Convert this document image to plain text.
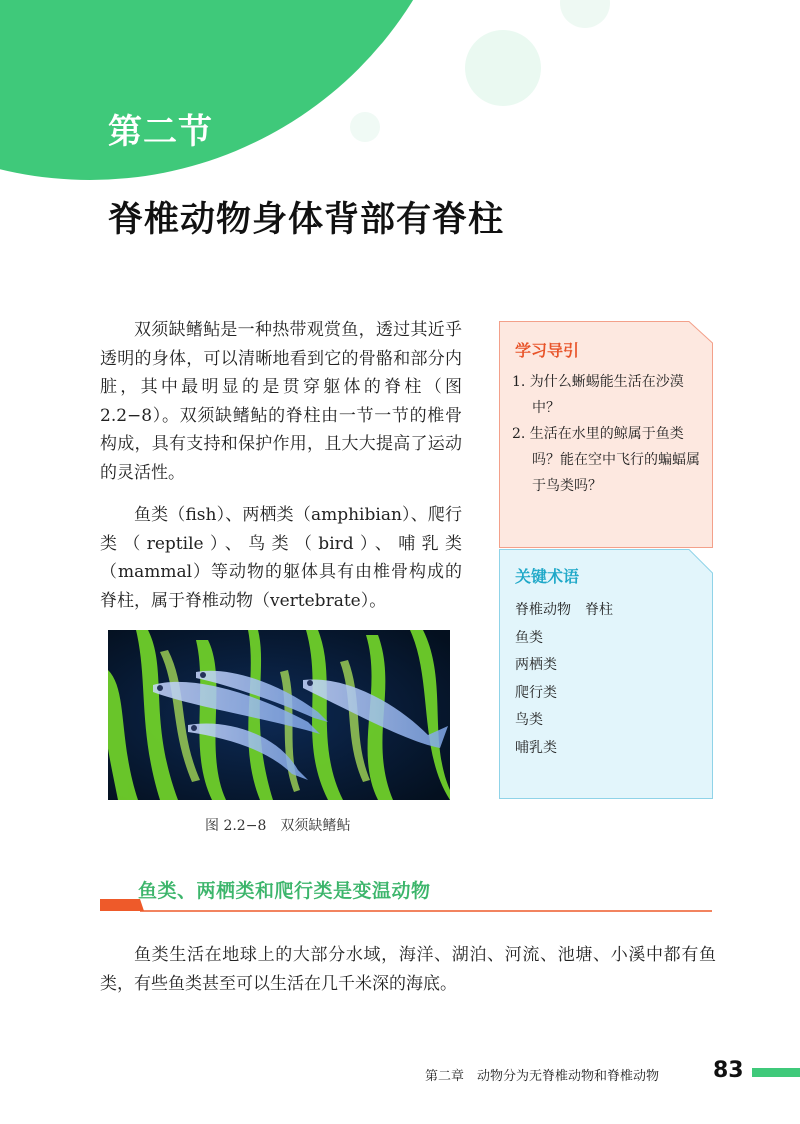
第二节
脊椎动物身体背部有脊柱

双须缺鳍鲇是一种热带观赏鱼，透过其近乎透明的身体，可以清晰地看到它的骨骼和部分内脏，其中最明显的是贯穿躯体的脊柱（图 2.2−8）。双须缺鳍鲇的脊柱由一节一节的椎骨构成，具有支持和保护作用，且大大提高了运动的灵活性。

鱼类（fish）、两栖类（amphibian）、爬行类（reptile）、鸟类（bird）、哺乳类（mammal）等动物的躯体具有由椎骨构成的脊柱，属于脊椎动物（vertebrate）。

图 2.2−8　双须缺鳍鲇
学习导引
1. 为什么蜥蜴能生活在沙漠中？
2. 生活在水里的鲸属于鱼类吗？能在空中飞行的蝙蝠属于鸟类吗？
关键术语
脊椎动物　脊柱
鱼类
两栖类
爬行类
鸟类
哺乳类
鱼类、两栖类和爬行类是变温动物

鱼类生活在地球上的大部分水域，海洋、湖泊、河流、池塘、小溪中都有鱼类，有些鱼类甚至可以生活在几千米深的海底。

第二章　动物分为无脊椎动物和脊椎动物 83
